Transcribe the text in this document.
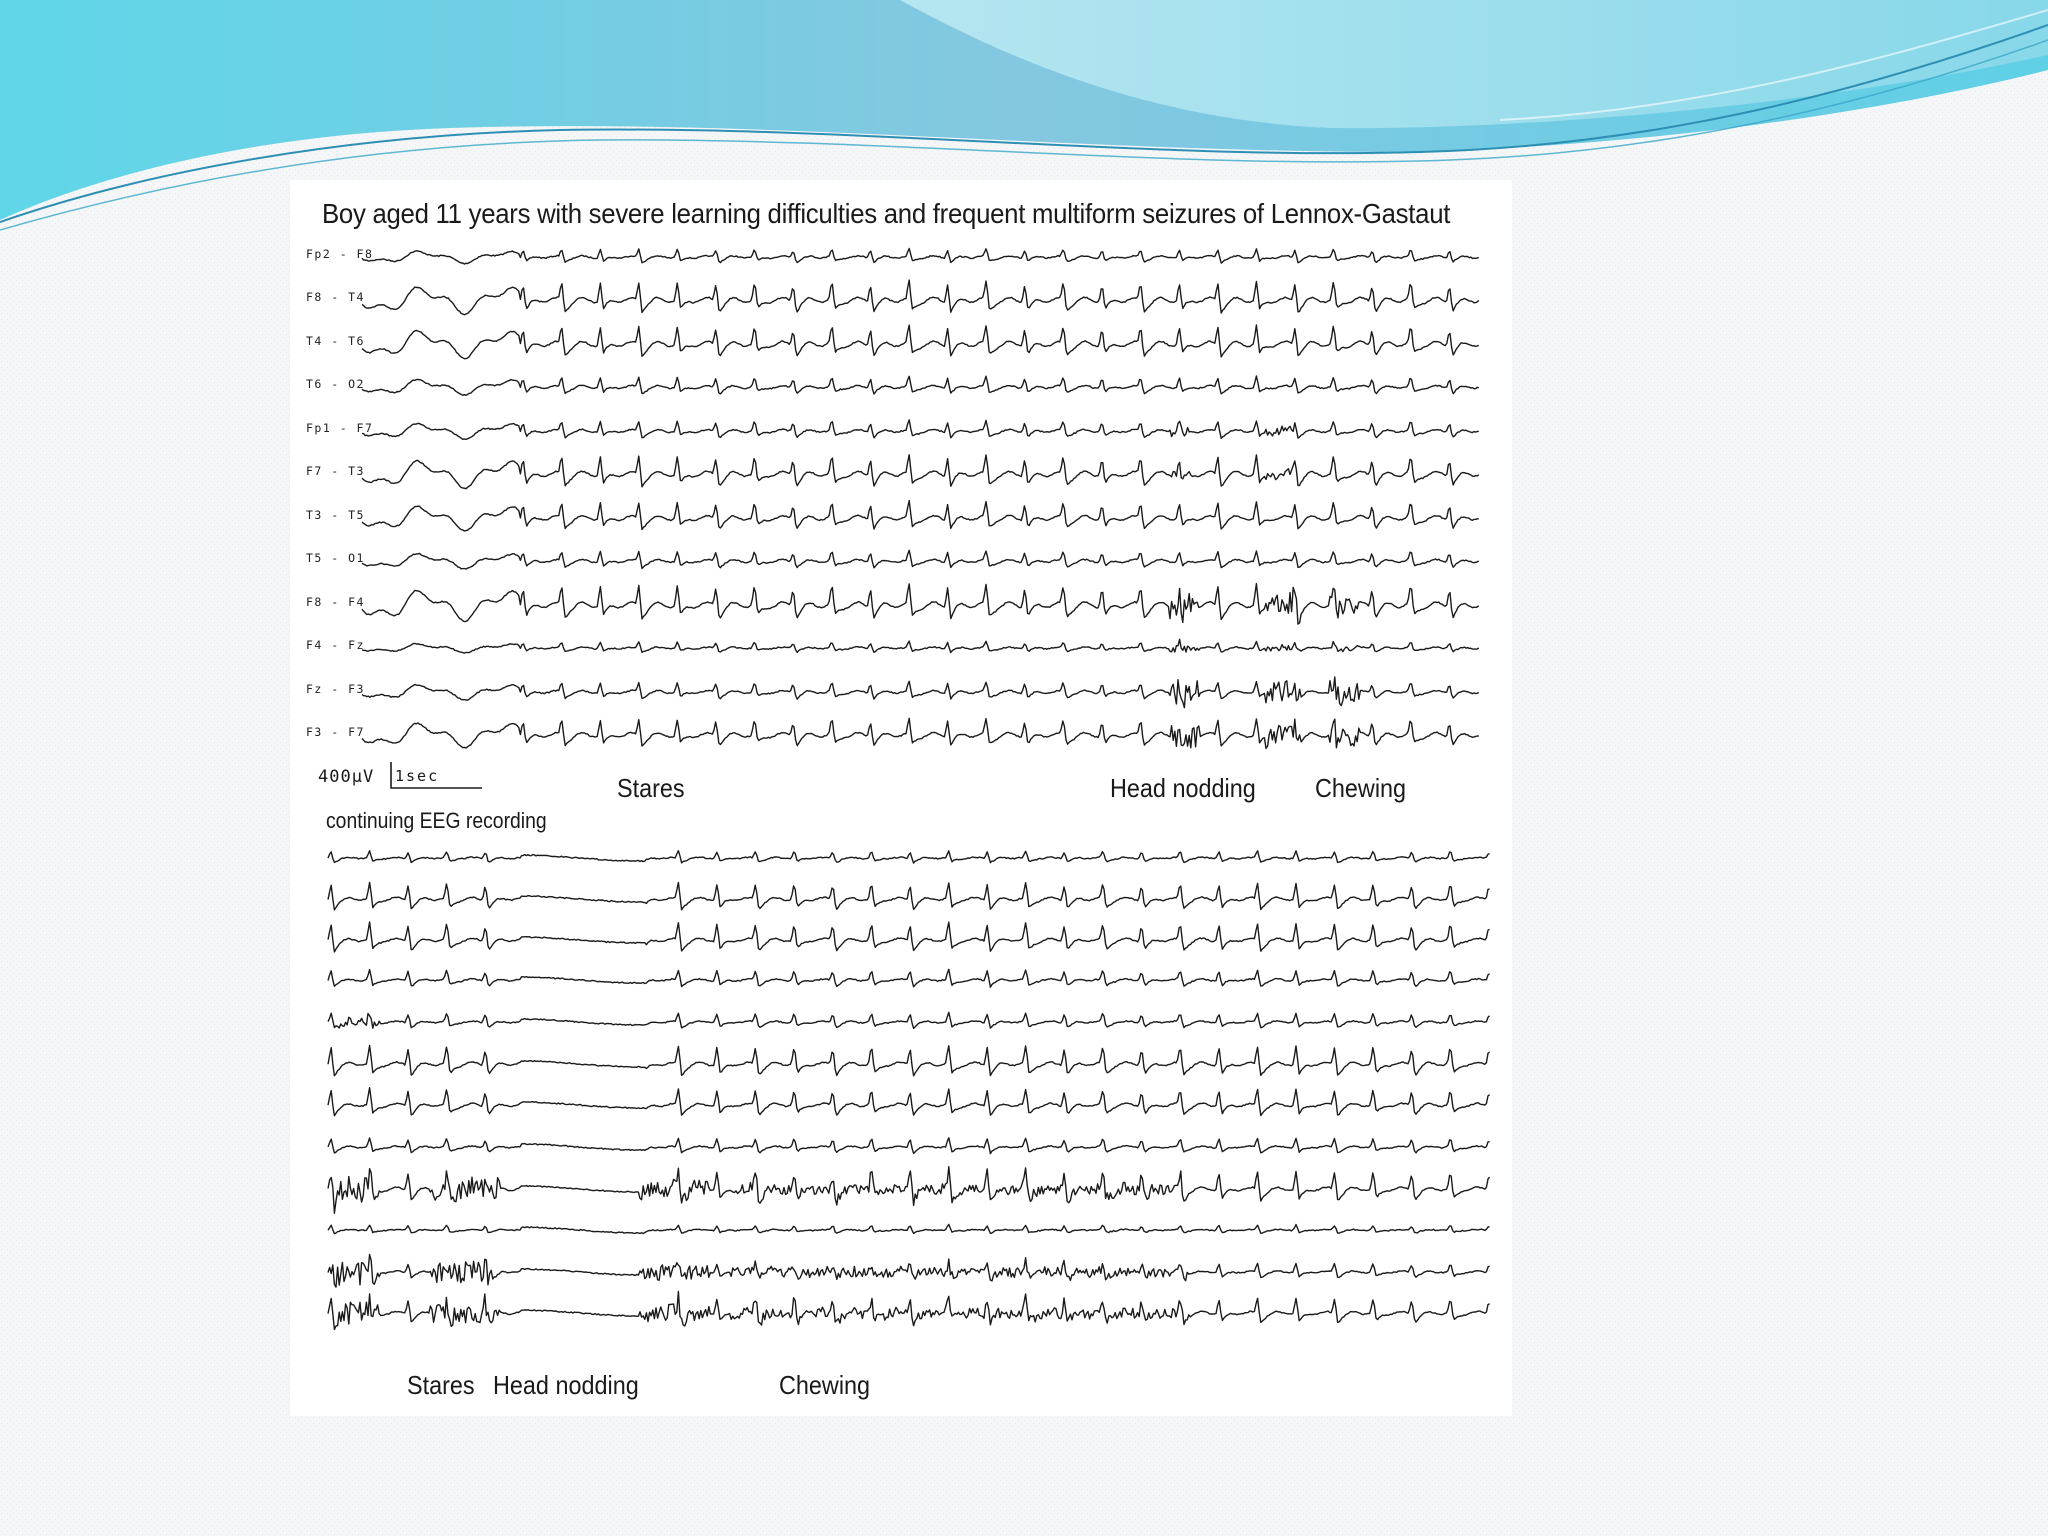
Boy aged 11 years with severe learning difficulties and frequent multiform seizures of Lennox-Gastaut
Fp2 - F8
F8 - T4
T4 - T6
T6 - O2
Fp1 - F7
F7 - T3
T3 - T5
T5 - O1
F8 - F4
F4 - Fz
Fz - F3
F3 - F7
400µV 1sec	Stares	Head nodding Chewing
continuing EEG recording
Stares Head nodding	Chewing
